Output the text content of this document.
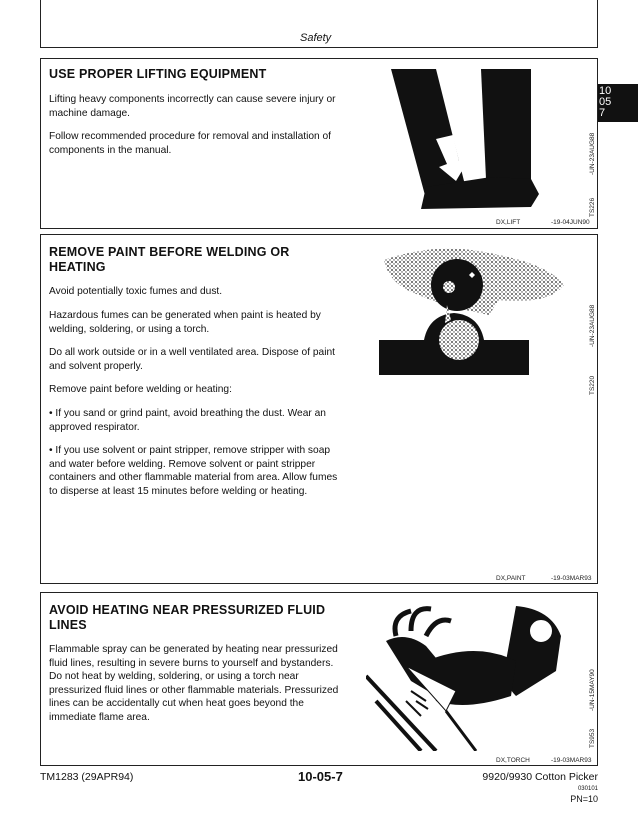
Safety
10
05
7
USE PROPER LIFTING EQUIPMENT
Lifting heavy components incorrectly can cause severe injury or machine damage.
Follow recommended procedure for removal and installation of components in the manual.	-UN-23AUG88
TS226
DX,LIFT	-19-04JUN90
REMOVE PAINT BEFORE WELDING OR HEATING
Avoid potentially toxic fumes and dust.
Hazardous fumes can be generated when paint is heated by welding, soldering, or using a torch.
Do all work outside or in a well ventilated area. Dispose of paint and solvent properly.
Remove paint before welding or heating:
• If you sand or grind paint, avoid breathing the dust. Wear an approved respirator.
• If you use solvent or paint stripper, remove stripper with soap and water before welding. Remove solvent or paint stripper containers and other flammable material from area. Allow fumes to disperse at least 15 minutes before welding or heating.
-UN-23AUG88
TS220
DX,PAINT	-19-03MAR93
AVOID HEATING NEAR PRESSURIZED FLUID LINES
Flammable spray can be generated by heating near pressurized fluid lines, resulting in severe burns to yourself and bystanders. Do not heat by welding, soldering, or using a torch near pressurized fluid lines or other flammable materials. Pressurized lines can be accidentally cut when heat goes beyond the immediate flame area.
-UN-15MAY90
TS953
DX,TORCH	-19-03MAR93
TM1283 (29APR94)	10-05-7	9920/9930 Cotton Picker
030101
PN=10
